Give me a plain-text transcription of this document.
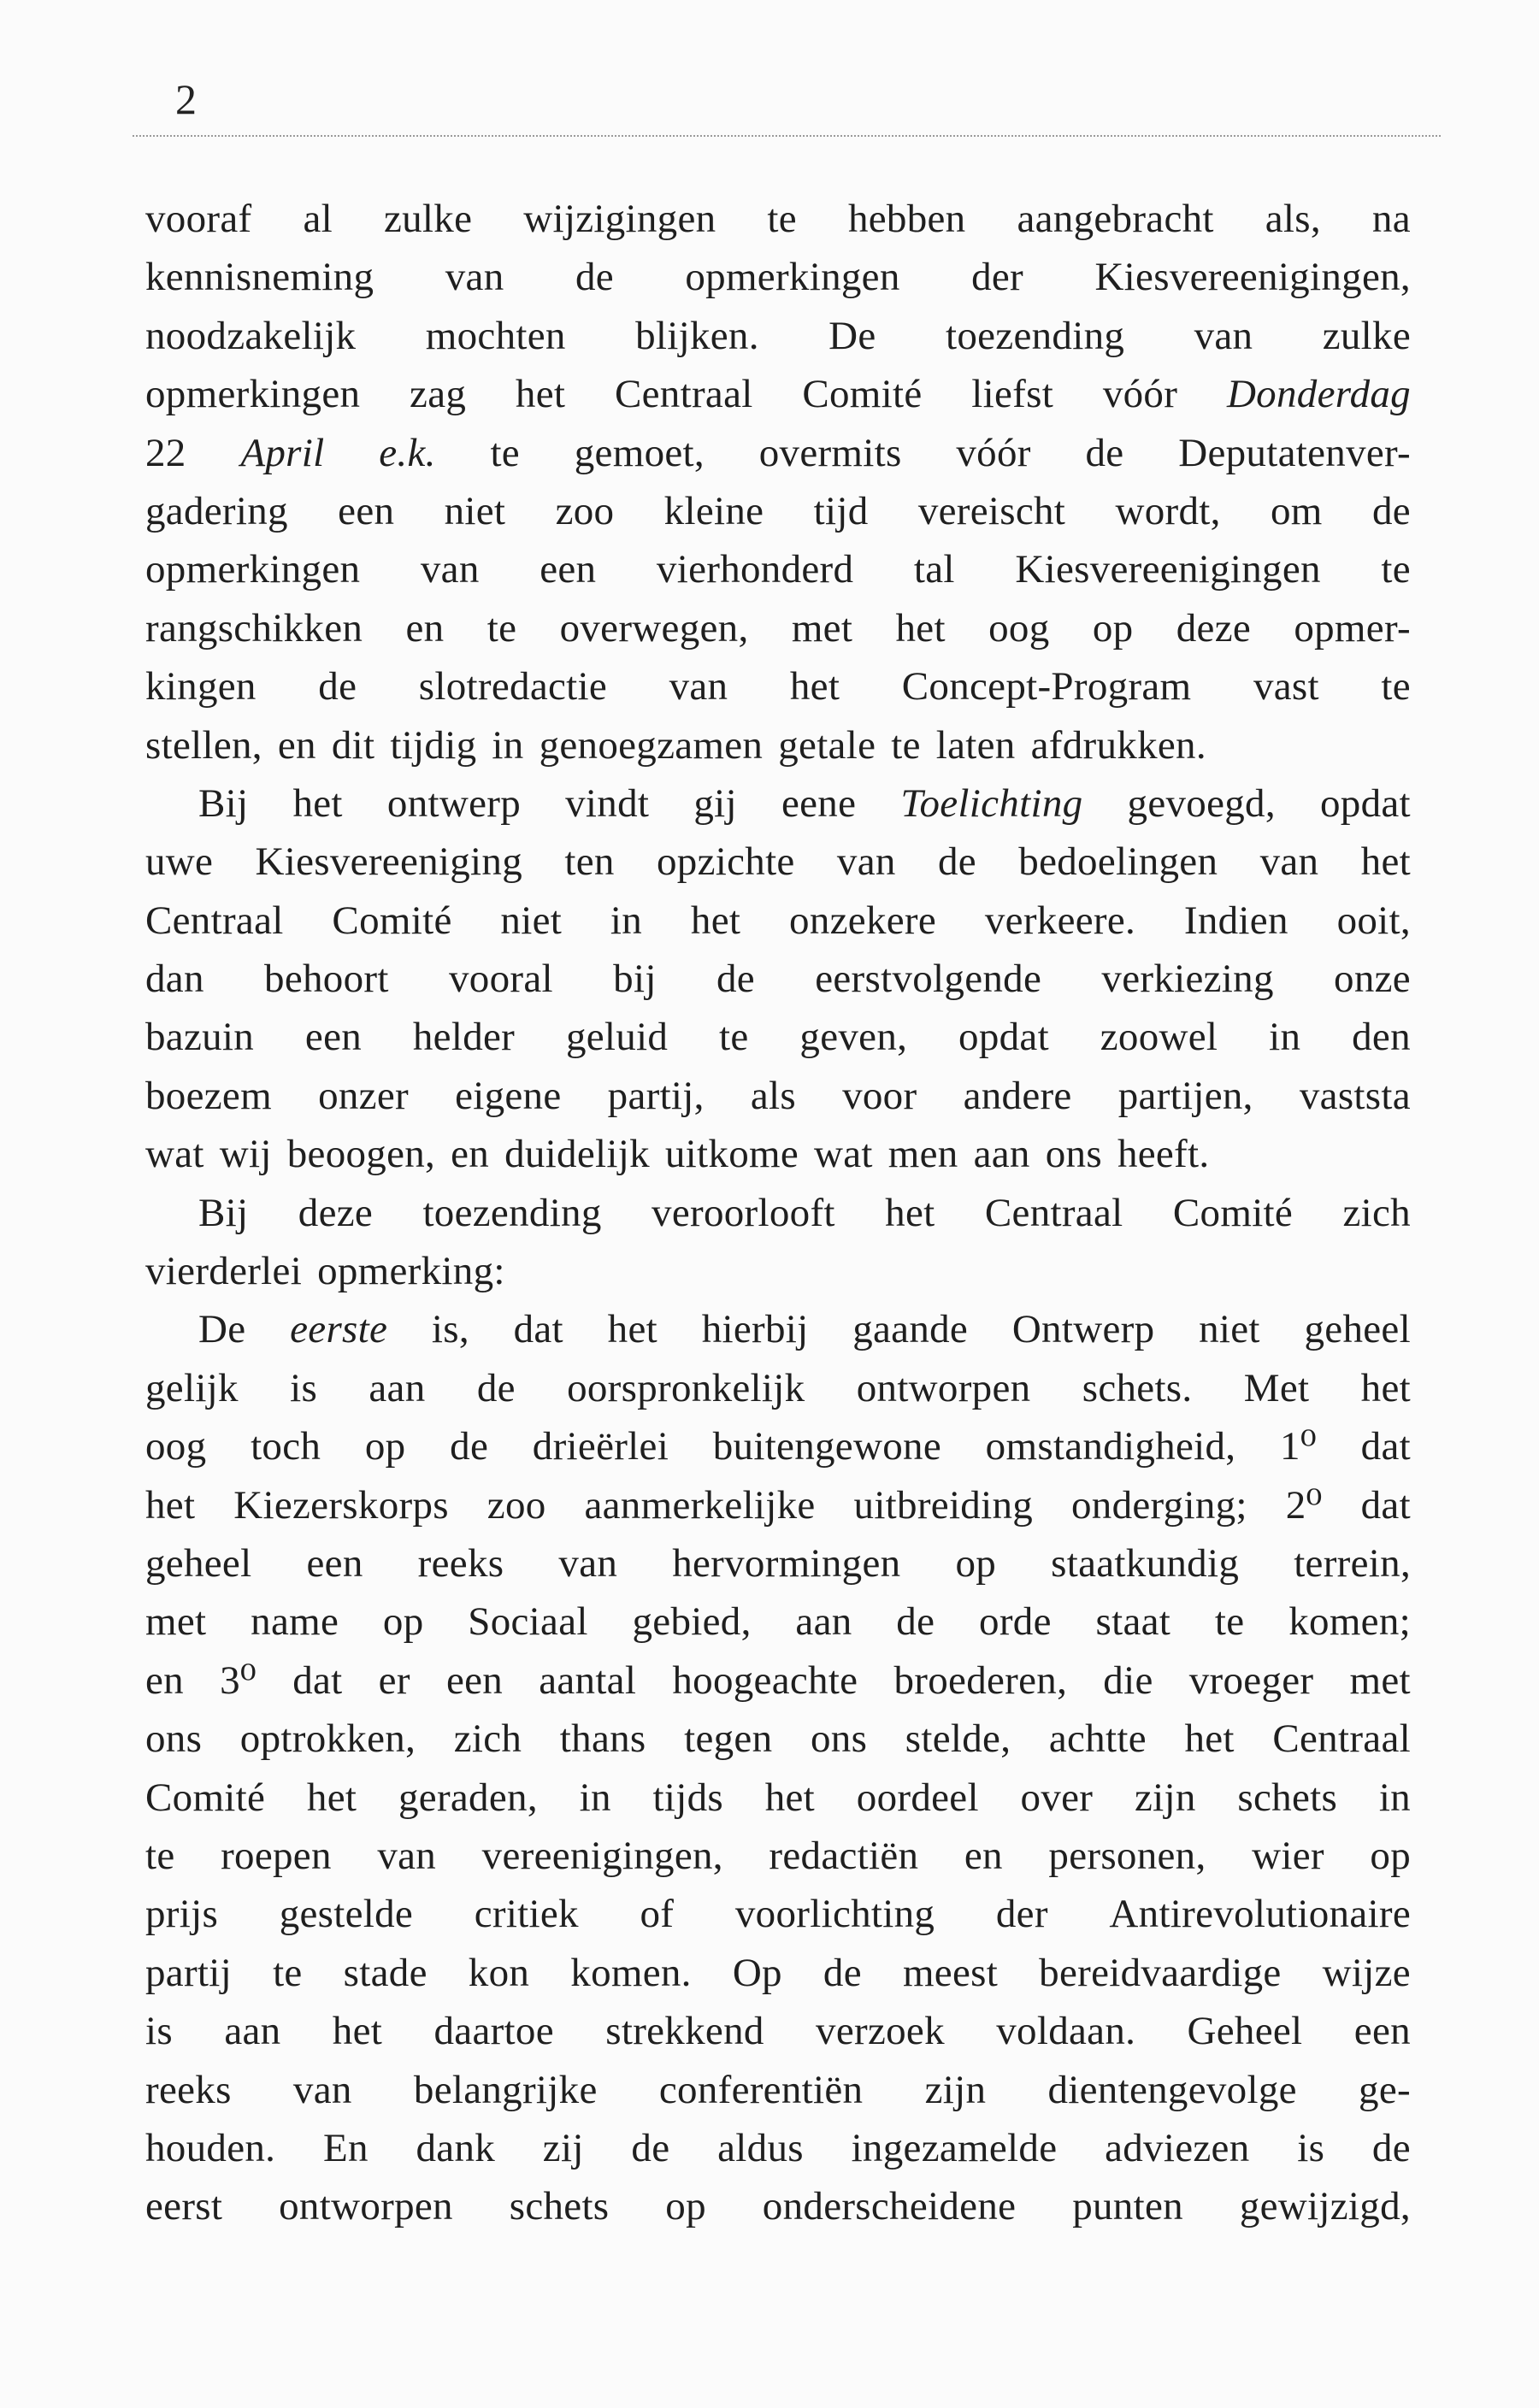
2
vooraf al zulke wijzigingen te hebben aangebracht als, na
kennisneming van de opmerkingen der Kiesvereenigingen,
noodzakelijk mochten blijken. De toezending van zulke
opmerkingen zag het Centraal Comité liefst vóór Donderdag
22 April e.k. te gemoet, overmits vóór de Deputatenver-
gadering een niet zoo kleine tijd vereischt wordt, om de
opmerkingen van een vierhonderd tal Kiesvereenigingen te
rangschikken en te overwegen, met het oog op deze opmer-
kingen de slotredactie van het Concept-Program vast te
stellen, en dit tijdig in genoegzamen getale te laten afdrukken.
Bij het ontwerp vindt gij eene Toelichting gevoegd, opdat
uwe Kiesvereeniging ten opzichte van de bedoelingen van het
Centraal Comité niet in het onzekere verkeere. Indien ooit,
dan behoort vooral bij de eerstvolgende verkiezing onze
bazuin een helder geluid te geven, opdat zoowel in den
boezem onzer eigene partij, als voor andere partijen, vaststa
wat wij beoogen, en duidelijk uitkome wat men aan ons heeft.
Bij deze toezending veroorlooft het Centraal Comité zich
vierderlei opmerking:
De eerste is, dat het hierbij gaande Ontwerp niet geheel
gelijk is aan de oorspronkelijk ontworpen schets. Met het
oog toch op de drieërlei buitengewone omstandigheid, 1⁰ dat
het Kiezerskorps zoo aanmerkelijke uitbreiding onderging; 2⁰ dat
geheel een reeks van hervormingen op staatkundig terrein,
met name op Sociaal gebied, aan de orde staat te komen;
en 3⁰ dat er een aantal hoogeachte broederen, die vroeger met
ons optrokken, zich thans tegen ons stelde, achtte het Centraal
Comité het geraden, in tijds het oordeel over zijn schets in
te roepen van vereenigingen, redactiën en personen, wier op
prijs gestelde critiek of voorlichting der Antirevolutionaire
partij te stade kon komen. Op de meest bereidvaardige wijze
is aan het daartoe strekkend verzoek voldaan. Geheel een
reeks van belangrijke conferentiën zijn dientengevolge ge-
houden. En dank zij de aldus ingezamelde adviezen is de
eerst ontworpen schets op onderscheidene punten gewijzigd,
